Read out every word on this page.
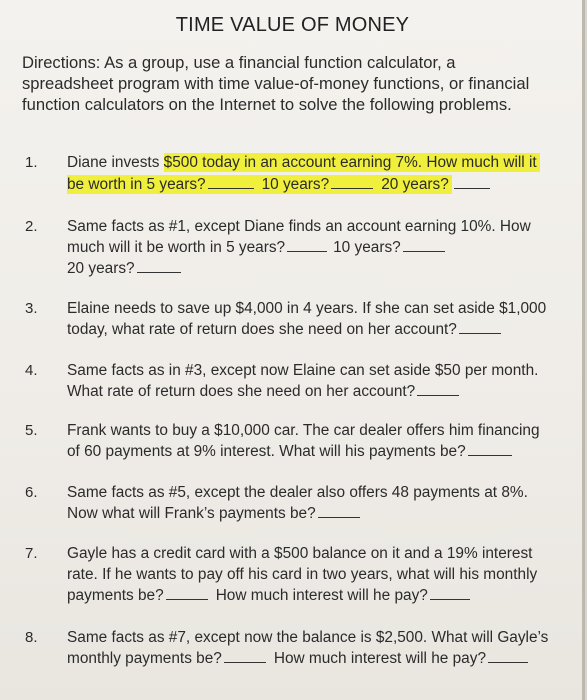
TIME VALUE OF MONEY
Directions: As a group, use a financial function calculator, a
spreadsheet program with time value-of-money functions, or financial
function calculators on the Internet to solve the following problems.
1. Diane invests $500 today in an account earning 7%. How much will it
be worth in 5 years?	10 years?	20 years?
2. Same facts as #1, except Diane finds an account earning 10%. How
much will it be worth in 5 years?	10 years?
20 years?
3. Elaine needs to save up $4,000 in 4 years. If she can set aside $1,000
today, what rate of return does she need on her account?
4. Same facts as in #3, except now Elaine can set aside $50 per month.
What rate of return does she need on her account?
5. Frank wants to buy a $10,000 car. The car dealer offers him financing
of 60 payments at 9% interest. What will his payments be?
6. Same facts as #5, except the dealer also offers 48 payments at 8%.
Now what will Frank’s payments be?
7. Gayle has a credit card with a $500 balance on it and a 19% interest
rate. If he wants to pay off his card in two years, what will his monthly
payments be?	How much interest will he pay?
8. Same facts as #7, except now the balance is $2,500. What will Gayle’s
monthly payments be?	How much interest will he pay?
